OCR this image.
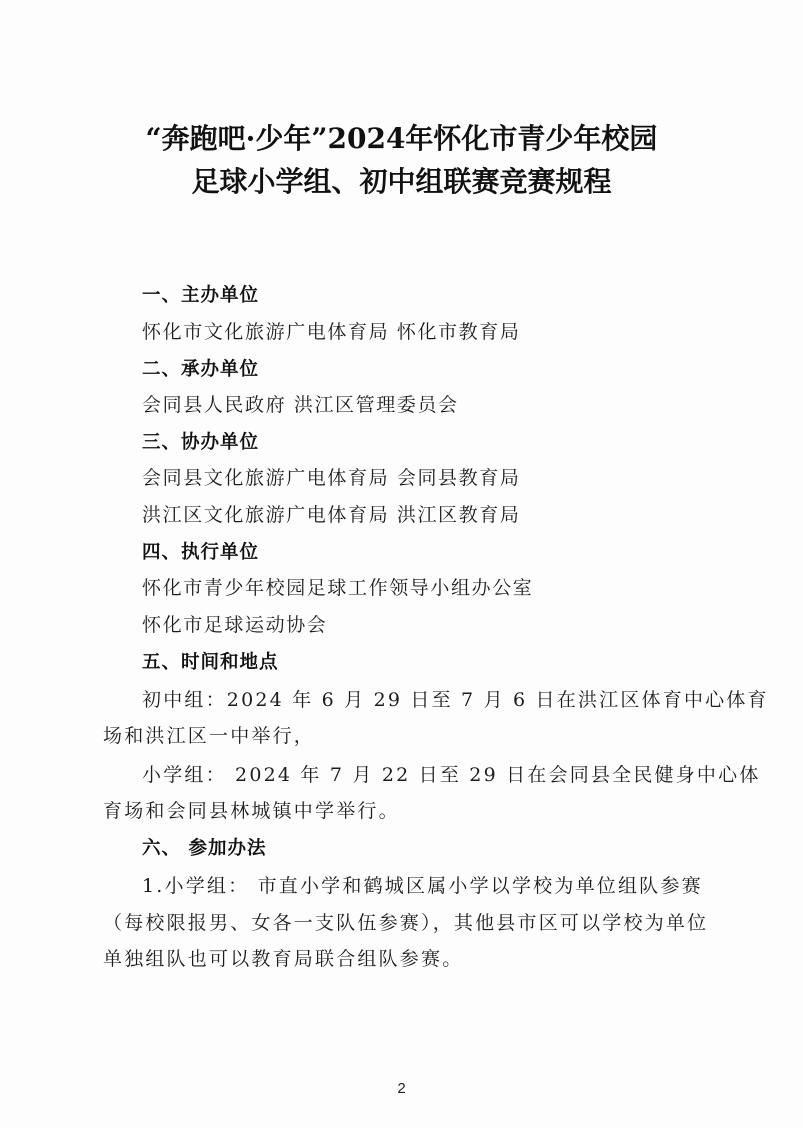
“奔跑吧·少年”2024年怀化市青少年校园
足球小学组、初中组联赛竞赛规程
一、主办单位
怀化市文化旅游广电体育局 怀化市教育局
二、承办单位
会同县人民政府 洪江区管理委员会
三、协办单位
会同县文化旅游广电体育局 会同县教育局
洪江区文化旅游广电体育局 洪江区教育局
四、执行单位
怀化市青少年校园足球工作领导小组办公室
怀化市足球运动协会
五、时间和地点
初中组：2024 年 6 月 29 日至 7 月 6 日在洪江区体育中心体育
场和洪江区一中举行，
小学组： 2024 年 7 月 22 日至 29 日在会同县全民健身中心体
育场和会同县林城镇中学举行。
六、 参加办法
1.小学组： 市直小学和鹤城区属小学以学校为单位组队参赛
（每校限报男、女各一支队伍参赛），其他县市区可以学校为单位
单独组队也可以教育局联合组队参赛。
2
